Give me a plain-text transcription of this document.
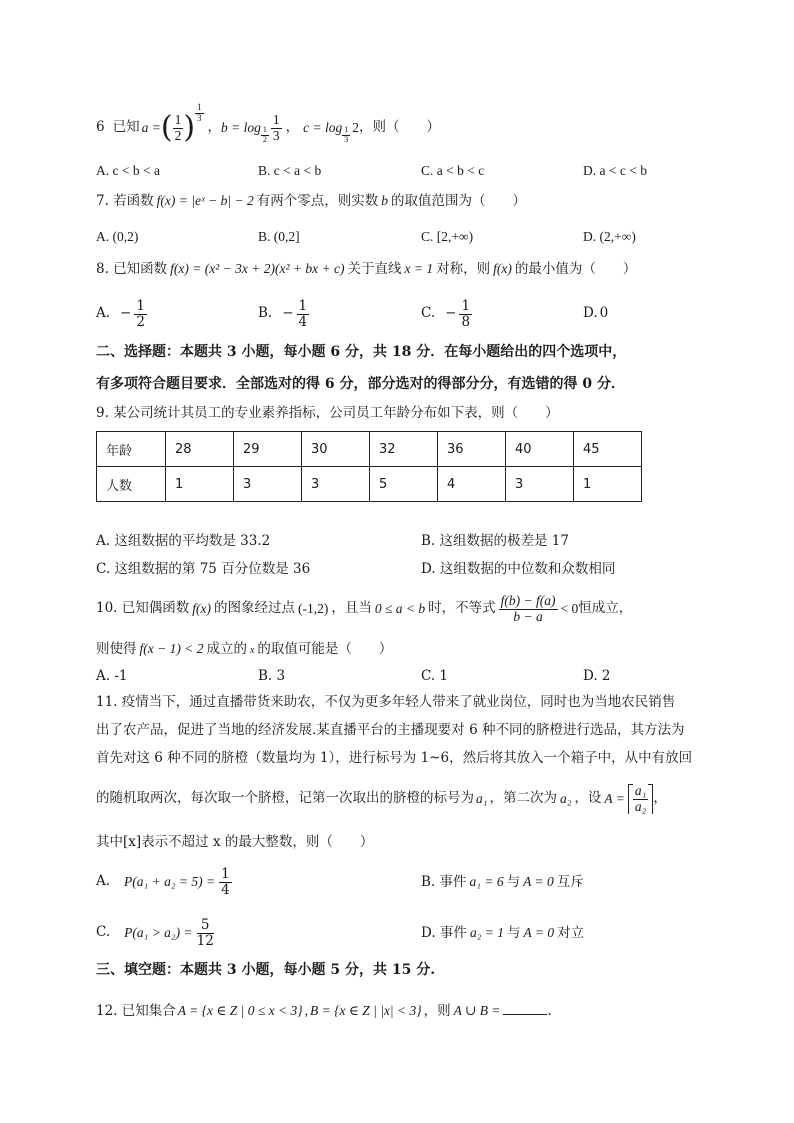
6 已知 a = ( $\frac{1}{2}$ ) $\frac{1}{3}$
， $b = \log \frac{1}{2} \frac{1}{3}$ ， $c = \log \frac{1}{3} 2$ ，则（　　）
A. c < b < a	B. c < a < b	C. a < b < c	D. a < c < b
7. 若函数 f(x) = |eˣ − b| − 2 有两个零点，则实数 b 的取值范围为（　　）
A. (0,2)	B. (0,2]	C. [2,+∞)	D. (2,+∞)
8. 已知函数 f(x) = (x² − 3x + 2)(x² + bx + c) 关于直线 x = 1 对称，则 f(x) 的最小值为（　　）
A. − $\frac{1}{2}$	B. − $\frac{1}{4}$	C. − $\frac{1}{8}$	D. 0
二、选择题：本题共 3 小题，每小题 6 分，共 18 分．在每小题给出的四个选项中，
有多项符合题目要求．全部选对的得 6 分，部分选对的得部分分，有选错的得 0 分．
9. 某公司统计其员工的专业素养指标，公司员工年龄分布如下表，则（　　）
年龄	28	29	30	32	36	40	45
人数	1	3	3	5	4	3	1
A. 这组数据的平均数是 33.2	B. 这组数据的极差是 17
C. 这组数据的第 75 百分位数是 36	D. 这组数据的中位数和众数相同
10. 已知偶函数 f(x) 的图象经过点 (-1,2) ，且当 0 ≤ a < b 时，不等式 $\frac{f(b) - f(a)}{b - a} < 0$ 恒成立，
则使得 f(x − 1) < 2 成立的 x 的取值可能是（　　）
A. -1	B. 3	C. 1	D. 2
11. 疫情当下，通过直播带货来助农，不仅为更多年轻人带来了就业岗位，同时也为当地农民销售
出了农产品，促进了当地的经济发展.某直播平台的主播现要对 6 种不同的脐橙进行选品，其方法为
首先对这 6 种不同的脐橙（数量均为 1），进行标号为 1~6，然后将其放入一个箱子中，从中有放回
的随机取两次，每次取一个脐橙，记第一次取出的脐橙的标号为 a₁ ，第二次为 a₂ ，设 $A = \frac{\text{a₁}}{\text{a₂}}$ ，
其中[x]表示不超过 x 的最大整数，则（　　）
A. $P(a_1 + a_2 = 5) = \frac{1}{4}$	B. 事件 a₁ = 6 与 A = 0 互斥
C. $P(a_1 > a_2) = \frac{5}{12}$	D. 事件 a₂ = 1 与 A = 0 对立
三、填空题：本题共 3 小题，每小题 5 分，共 15 分.
12. 已知集合 A = {x ∈ Z | 0 ≤ x < 3} , B = {x ∈ Z | |x| < 3} ，则 A ∪ B =	.
